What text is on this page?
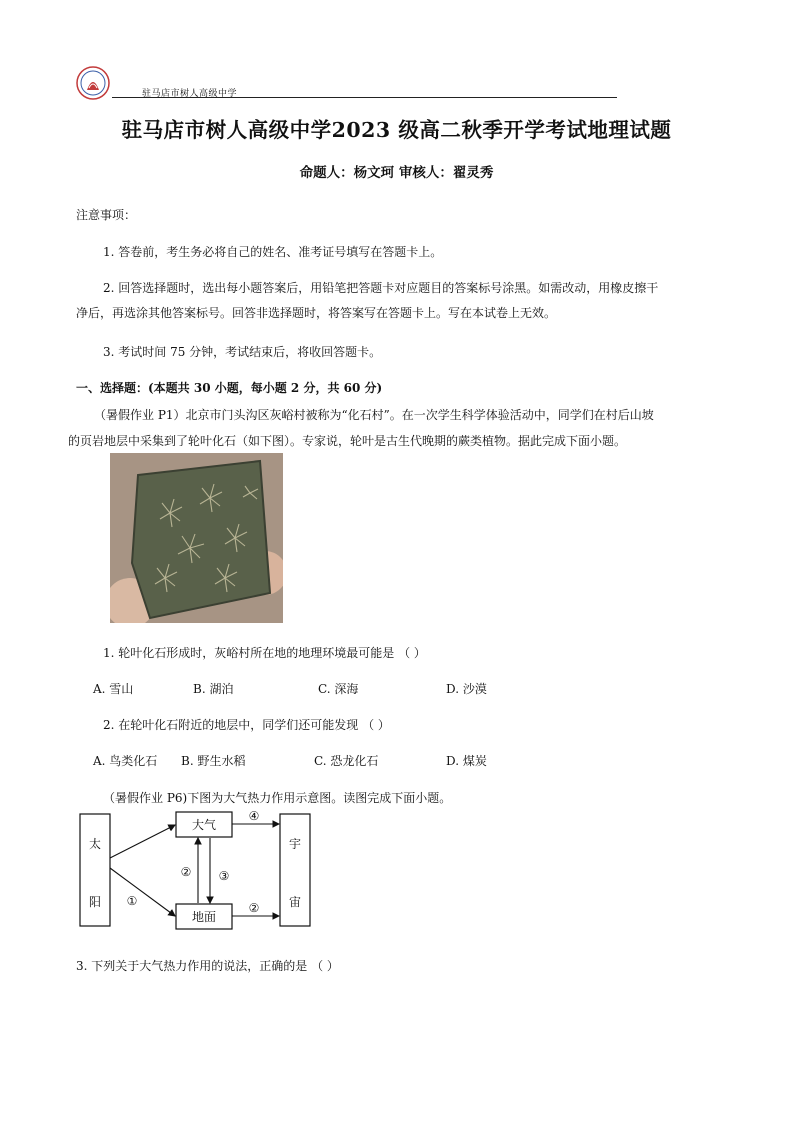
驻马店市树人高级中学
驻马店市树人高级中学2023 级高二秋季开学考试地理试题
命题人：杨文珂 审核人：翟灵秀
注意事项：
1. 答卷前，考生务必将自己的姓名、准考证号填写在答题卡上。
2. 回答选择题时，选出每小题答案后，用铅笔把答题卡对应题目的答案标号涂黑。如需改动，用橡皮擦干
净后，再选涂其他答案标号。回答非选择题时，将答案写在答题卡上。写在本试卷上无效。
3. 考试时间 75 分钟，考试结束后，将收回答题卡。
一、选择题：(本题共 30 小题，每小题 2 分，共 60 分)
（暑假作业 P1）北京市门头沟区灰峪村被称为“化石村”。在一次学生科学体验活动中，同学们在村后山坡
的页岩地层中采集到了轮叶化石（如下图）。专家说，轮叶是古生代晚期的蕨类植物。据此完成下面小题。
1. 轮叶化石形成时，灰峪村所在地的地理环境最可能是 （ ）
A. 雪山	B. 湖泊	C. 深海	D. 沙漠
2. 在轮叶化石附近的地层中，同学们还可能发现 （ ）
A. 鸟类化石 B. 野生水稻	C. 恐龙化石	D. 煤炭
（暑假作业 P6)下图为大气热力作用示意图。读图完成下面小题。
太
阳
大气
地面
宇
宙
①
② ③
④
②
3. 下列关于大气热力作用的说法，正确的是 （ ）
